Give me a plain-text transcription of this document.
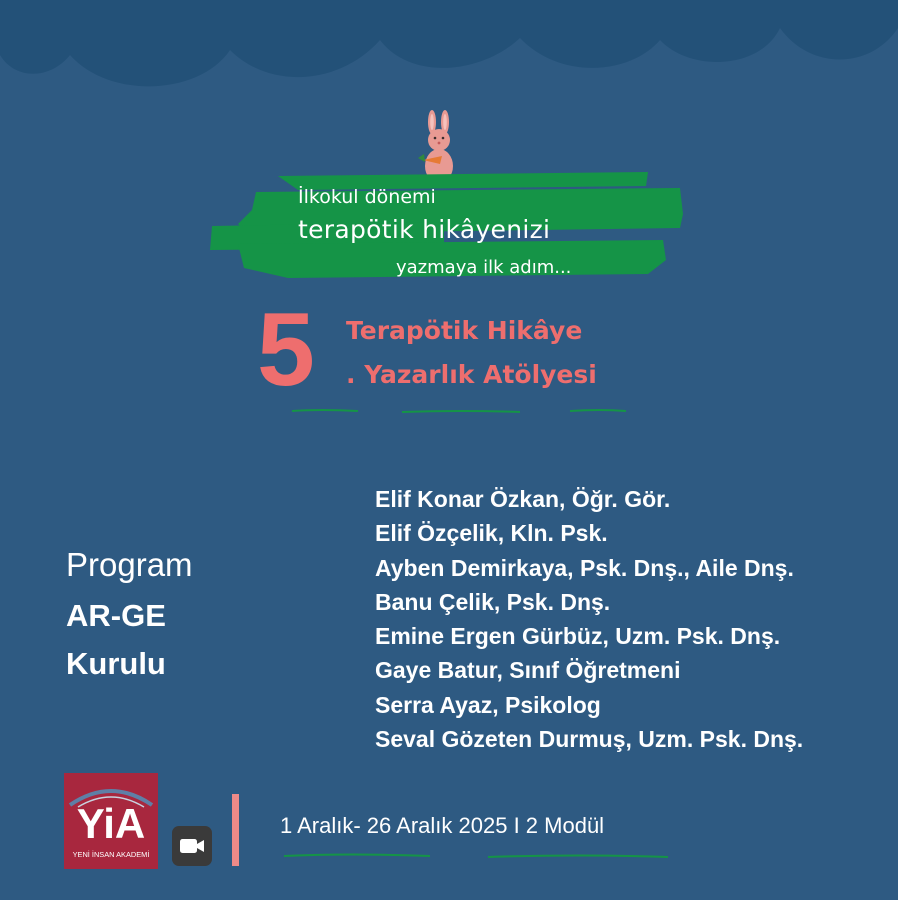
İlkokul dönemi
terapötik hikâyenizi
yazmaya ilk adım...
5 Terapötik Hikâye
. Yazarlık Atölyesi
Program
AR-GE
Kurulu
Elif Konar Özkan, Öğr. Gör.
Elif Özçelik, Kln. Psk.
Ayben Demirkaya, Psk. Dnş., Aile Dnş.
Banu Çelik, Psk. Dnş.
Emine Ergen Gürbüz, Uzm. Psk. Dnş.
Gaye Batur, Sınıf Öğretmeni
Serra Ayaz, Psikolog
Seval Gözeten Durmuş, Uzm. Psk. Dnş.
YiA
YENİ İNSAN AKADEMİ
1 Aralık- 26 Aralık 2025 I 2 Modül
